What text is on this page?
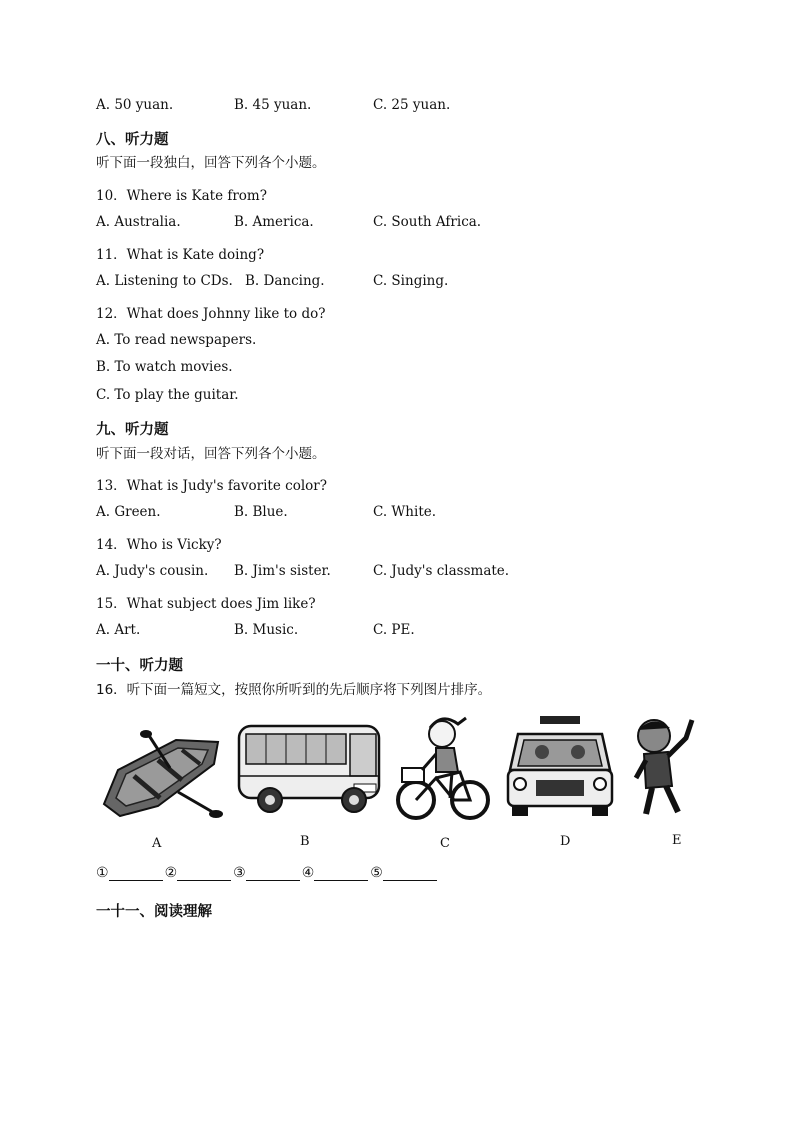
A. 50 yuan.	B. 45 yuan.	C. 25 yuan.
八、听力题
听下面一段独白，回答下列各个小题。
10．Where is Kate from?
A. Australia.	B. America.	C. South Africa.
11．What is Kate doing?
A. Listening to CDs. B. Dancing.	C. Singing.
12．What does Johnny like to do?
A. To read newspapers.
B. To watch movies.
C. To play the guitar.
九、听力题
听下面一段对话，回答下列各个小题。
13．What is Judy's favorite color?
A. Green.	B. Blue.	C. White.
14．Who is Vicky?
A. Judy's cousin. B. Jim's sister.	C. Judy's classmate.
15．What subject does Jim like?
A. Art.	B. Music.	C. PE.
一十、听力题
16．听下面一篇短文，按照你所听到的先后顺序将下列图片排序。
A	B	C	D	E
①	②	③	④	⑤
一十一、阅读理解
